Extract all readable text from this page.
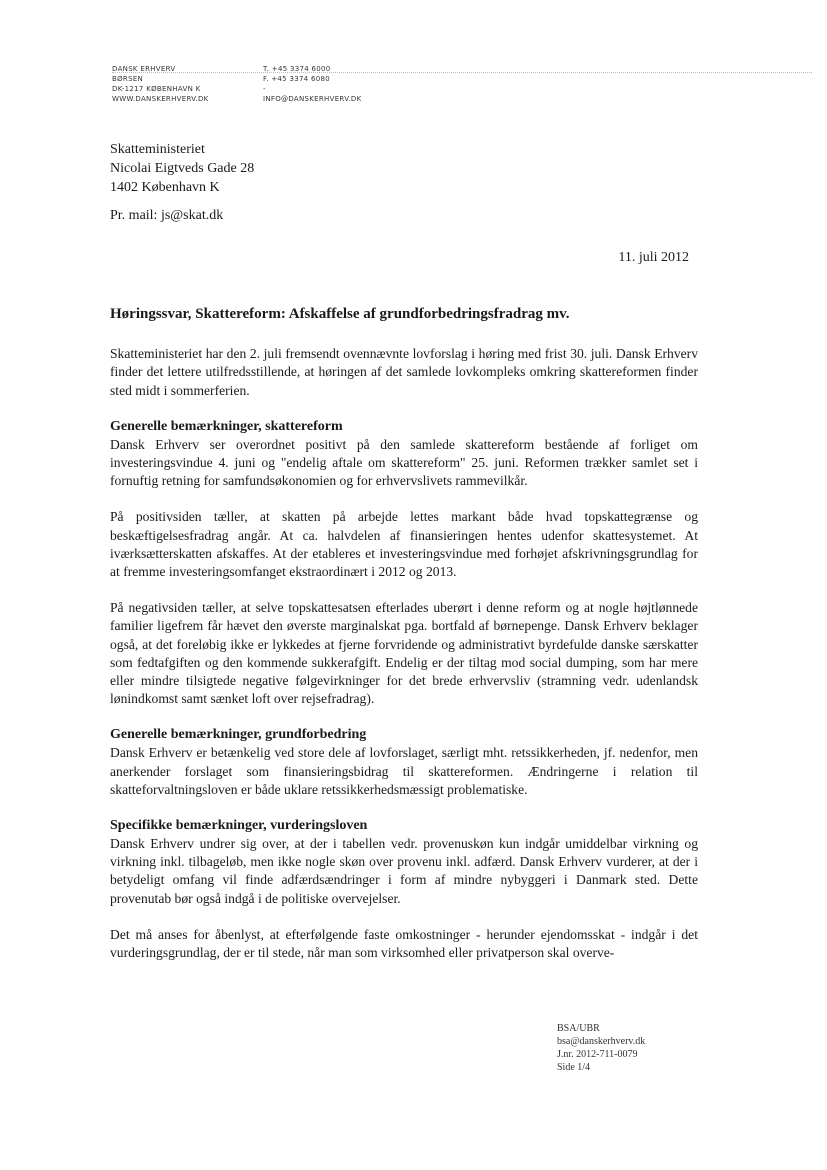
DANSK ERHVERV
BØRSEN
DK-1217 KØBENHAVN K
WWW.DANSKERHVERV.DK
T. +45 3374 6000
F. +45 3374 6080
-
INFO@DANSKERHVERV.DK
Skatteministeriet
Nicolai Eigtveds Gade 28
1402 København K
Pr. mail: js@skat.dk
11. juli 2012
Høringssvar, Skattereform: Afskaffelse af grundforbedringsfradrag mv.

Skatteministeriet har den 2. juli fremsendt ovennævnte lovforslag i høring med frist 30. juli. Dansk Erhverv finder det lettere utilfredsstillende, at høringen af det samlede lovkompleks omkring skattereformen finder sted midt i sommerferien.

Generelle bemærkninger, skattereform

Dansk Erhverv ser overordnet positivt på den samlede skattereform bestående af forliget om investeringsvindue 4. juni og "endelig aftale om skattereform" 25. juni. Reformen trækker samlet set i fornuftig retning for samfundsøkonomien og for erhvervslivets rammevilkår.

På positivsiden tæller, at skatten på arbejde lettes markant både hvad topskattegrænse og beskæftigelsesfradrag angår. At ca. halvdelen af finansieringen hentes udenfor skattesystemet. At iværksætterskatten afskaffes. At der etableres et investeringsvindue med forhøjet afskrivningsgrundlag for at fremme investeringsomfanget ekstraordinært i 2012 og 2013.

På negativsiden tæller, at selve topskattesatsen efterlades uberørt i denne reform og at nogle højtlønnede familier ligefrem får hævet den øverste marginalskat pga. bortfald af børnepenge. Dansk Erhverv beklager også, at det foreløbig ikke er lykkedes at fjerne forvridende og administrativt byrdefulde danske særskatter som fedtafgiften og den kommende sukkerafgift. Endelig er der tiltag mod social dumping, som har mere eller mindre tilsigtede negative følgevirkninger for det brede erhvervsliv (stramning vedr. udenlandsk lønindkomst samt sænket loft over rejsefradrag).

Generelle bemærkninger, grundforbedring

Dansk Erhverv er betænkelig ved store dele af lovforslaget, særligt mht. retssikkerheden, jf. nedenfor, men anerkender forslaget som finansieringsbidrag til skattereformen. Ændringerne i relation til skatteforvaltningsloven er både uklare retssikkerhedsmæssigt problematiske.

Specifikke bemærkninger, vurderingsloven

Dansk Erhverv undrer sig over, at der i tabellen vedr. provenuskøn kun indgår umiddelbar virkning og virkning inkl. tilbageløb, men ikke nogle skøn over provenu inkl. adfærd. Dansk Erhverv vurderer, at der i betydeligt omfang vil finde adfærdsændringer i form af mindre nybyggeri i Danmark sted. Dette provenutab bør også indgå i de politiske overvejelser.

Det må anses for åbenlyst, at efterfølgende faste omkostninger - herunder ejendomsskat - indgår i det vurderingsgrundlag, der er til stede, når man som virksomhed eller privatperson skal overve-

BSA/UBR
bsa@danskerhverv.dk
J.nr. 2012-711-0079
Side 1/4
